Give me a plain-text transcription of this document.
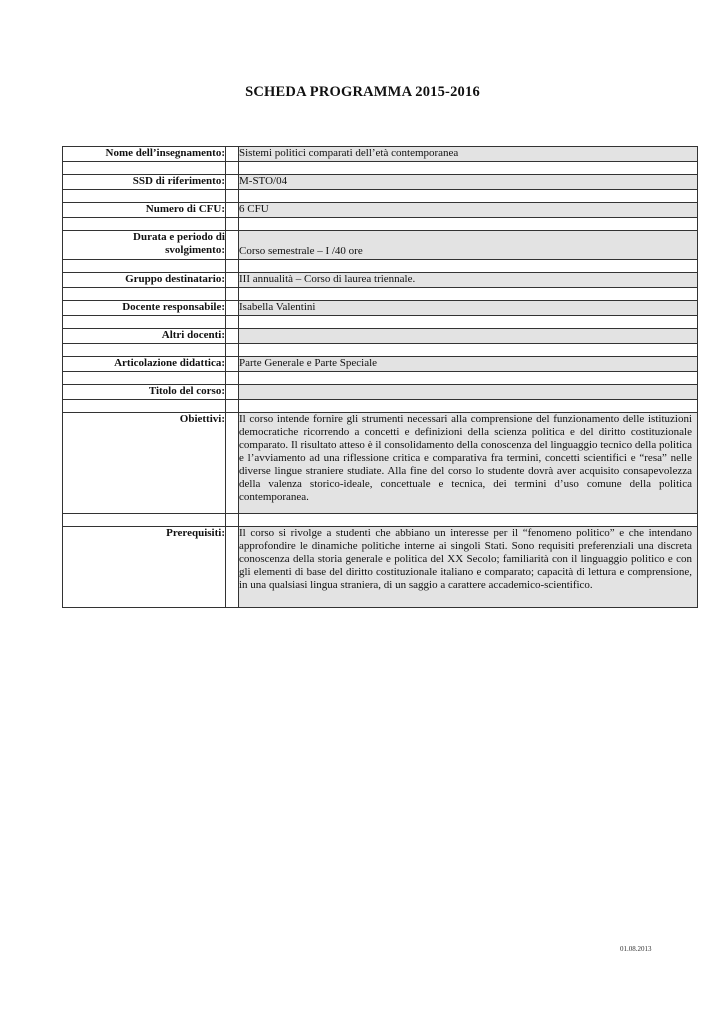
SCHEDA PROGRAMMA 2015-2016
Nome dell’insegnamento:		Sistemi politici comparati dell’età contemporanea

SSD di riferimento:		M-STO/04

Numero di CFU:		6 CFU

Durata e periodo di
svolgimento:		Corso semestrale – I /40 ore

Gruppo destinatario:		III annualità – Corso di laurea triennale.

Docente responsabile:		Isabella Valentini

Altri docenti:		

Articolazione didattica:		Parte Generale e Parte Speciale

Titolo del corso:		

Obiettivi:		Il corso intende fornire gli strumenti necessari alla comprensione del funzionamento delle istituzioni democratiche ricorrendo a concetti e definizioni della scienza politica e del diritto costituzionale comparato. Il risultato atteso è il consolidamento della conoscenza del linguaggio tecnico della politica e l’avviamento ad una riflessione critica e comparativa fra termini, concetti scientifici e “resa” nelle diverse lingue straniere studiate. Alla fine del corso lo studente dovrà aver acquisito consapevolezza della valenza storico-ideale, concettuale e tecnica, dei termini d’uso comune della politica contemporanea.

Prerequisiti:		Il corso si rivolge a studenti che abbiano un interesse per il “fenomeno politico” e che intendano approfondire le dinamiche politiche interne ai singoli Stati. Sono requisiti preferenziali una discreta conoscenza della storia generale e politica del XX Secolo; familiarità con il linguaggio politico e con gli elementi di base del diritto costituzionale italiano e comparato; capacità di lettura e comprensione, in una qualsiasi lingua straniera, di un saggio a carattere accademico-scientifico.
01.08.2013
